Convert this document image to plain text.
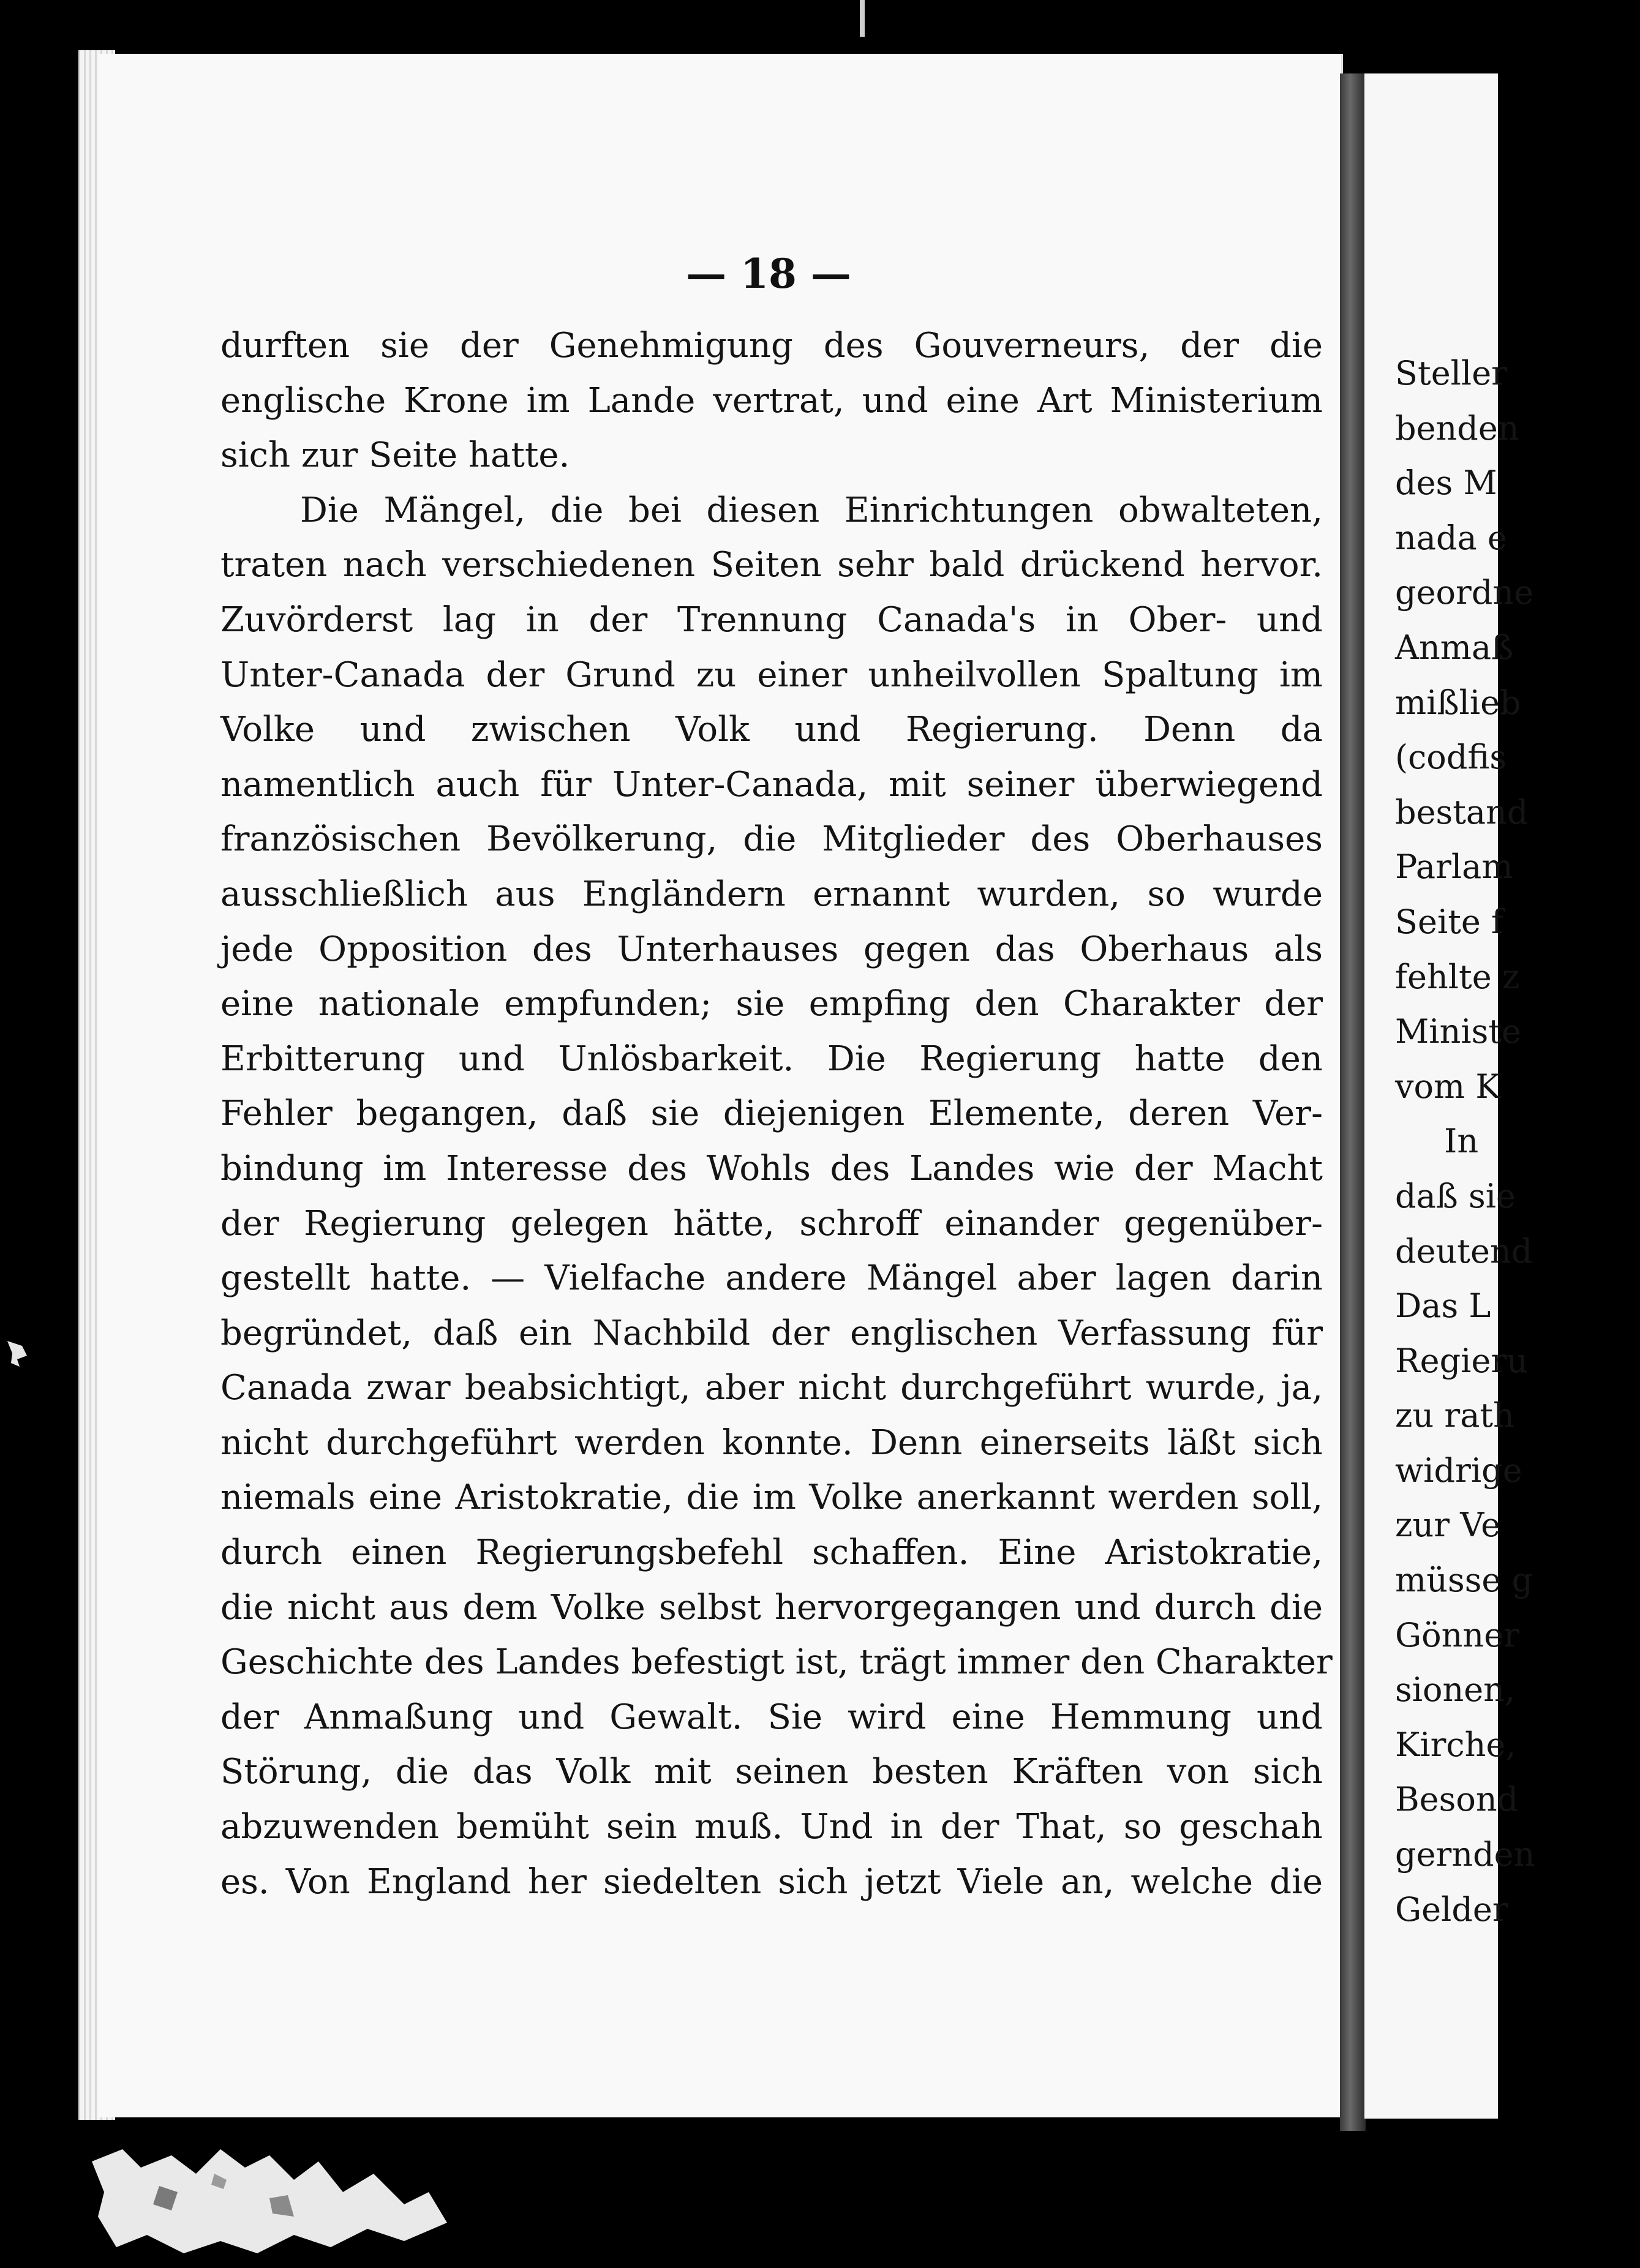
— 18 —
durften sie der Genehmigung des Gouverneurs, der die
englische Krone im Lande vertrat, und eine Art Ministerium
sich zur Seite hatte.
Die Mängel, die bei diesen Einrichtungen obwalteten,
traten nach verschiedenen Seiten sehr bald drückend hervor.
Zuvörderst lag in der Trennung Canada's in Ober- und
Unter-Canada der Grund zu einer unheilvollen Spaltung im
Volke und zwischen Volk und Regierung. Denn da
namentlich auch für Unter-Canada, mit seiner überwiegend
französischen Bevölkerung, die Mitglieder des Oberhauses
ausschließlich aus Engländern ernannt wurden, so wurde
jede Opposition des Unterhauses gegen das Oberhaus als
eine nationale empfunden; sie empfing den Charakter der
Erbitterung und Unlösbarkeit. Die Regierung hatte den
Fehler begangen, daß sie diejenigen Elemente, deren Ver-
bindung im Interesse des Wohls des Landes wie der Macht
der Regierung gelegen hätte, schroff einander gegenüber-
gestellt hatte. — Vielfache andere Mängel aber lagen darin
begründet, daß ein Nachbild der englischen Verfassung für
Canada zwar beabsichtigt, aber nicht durchgeführt wurde, ja,
nicht durchgeführt werden konnte. Denn einerseits läßt sich
niemals eine Aristokratie, die im Volke anerkannt werden soll,
durch einen Regierungsbefehl schaffen. Eine Aristokratie,
die nicht aus dem Volke selbst hervorgegangen und durch die
Geschichte des Landes befestigt ist, trägt immer den Charakter
der Anmaßung und Gewalt. Sie wird eine Hemmung und
Störung, die das Volk mit seinen besten Kräften von sich
abzuwenden bemüht sein muß. Und in der That, so geschah
es. Von England her siedelten sich jetzt Viele an, welche die
Steller
benden
des M
nada e
geordne
Anmaß
mißlieb
(codfis
bestand
Parlam
Seite f
fehlte z
Ministe
vom K
In
daß sie
deutend
Das L
Regieru
zu rath
widrige
zur Ve
müsse g
Gönner
sionen,
Kirche,
Besond
gernden
Gelder
